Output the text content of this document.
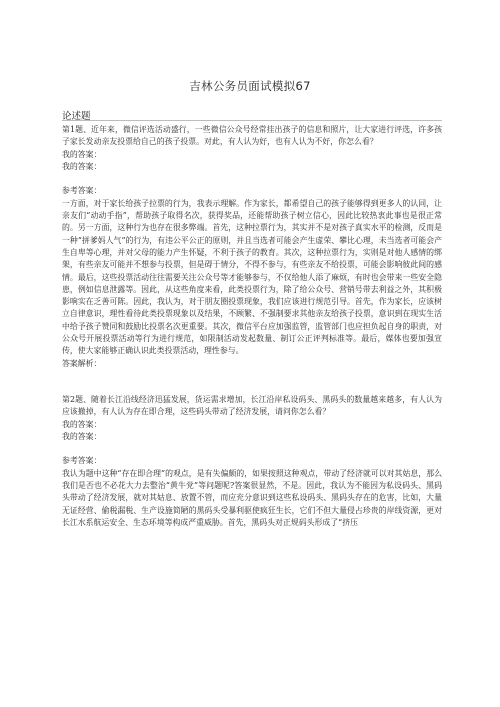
吉林公务员面试模拟67
论述题

第1题、近年来，微信评选活动盛行，一些微信公众号经常挂出孩子的信息和照片，让大家进行评选，许多孩子家长发动亲友投票给自己的孩子投票。对此，有人认为好，也有人认为不好，你怎么看？

我的答案：

我的答案：

参考答案：

一方面，对于家长给孩子拉票的行为，我表示理解。作为家长，都希望自己的孩子能够得到更多人的认同，让亲友们“动动手指”，帮助孩子取得名次，获得奖品，还能帮助孩子树立信心，因此比较热衷此事也是很正常的。另一方面，这种行为也存在很多弊端。首先，这种拉票行为，其实并不是对孩子真实水平的检测，反而是一种“拼爹妈人气”的行为，有违公平公正的原则，并且当选者可能会产生虚荣、攀比心理，未当选者可能会产生自卑等心理，并对父母的能力产生怀疑，不利于孩子的教育。其次，这种拉票行为，实则是对他人感情的绑架，有些亲友可能并不想参与投票，但是碍于情分，不得不参与，有些亲友不给投票，可能会影响彼此间的感情。最后，这些投票活动往往需要关注公众号等才能够参与，不仅给他人添了麻烦，有时也会带来一些安全隐患，例如信息泄露等。因此，从这些角度来看，此类投票行为，除了给公众号、营销号带去利益之外，其积极影响实在乏善可陈。因此，我认为，对于朋友圈投票现象，我们应该进行规范引导。首先，作为家长，应该树立自律意识，理性看待此类投票现象以及结果，不顾繁、不强制要求其他亲友给孩子投票，意识到在现实生活中给予孩子赞同和鼓励比投票名次更重要。其次，微信平台应加强监管，监管部门也应担负起自身的职责，对公众号开展投票活动等行为进行规范，如限制活动发起数量、制订公正评判标准等。最后，媒体也要加强宣传，使大家能够正确认识此类投票活动，理性参与。

答案解析：

第2题、随着长江沿线经济迅猛发展，货运需求增加，长江沿岸私设码头、黑码头的数量越来越多，有人认为应该撤掉，有人认为存在即合理，这些码头带动了经济发展，请问你怎么看？

我的答案：

我的答案：

参考答案：

我认为题中这种“存在即合理”的观点，是有失偏颇的，如果按照这种观点，带动了经济就可以对其姑息，那么我们是否也不必花大力去整治“黄牛党”等问题呢?答案很显然，不是。因此，我认为不能因为私设码头、黑码头带动了经济发展，就对其姑息、放置不管，而应充分意识到这些私设码头、黑码头存在的危害，比如，大量无证经营、偷税漏税、生产设施简陋的黑码头受暴利驱使疯狂生长，它们不但大量侵占珍贵的岸线资源，更对长江水系航运安全、生态环境等构成严重威胁。首先，黑码头对正规码头形成了“挤压
